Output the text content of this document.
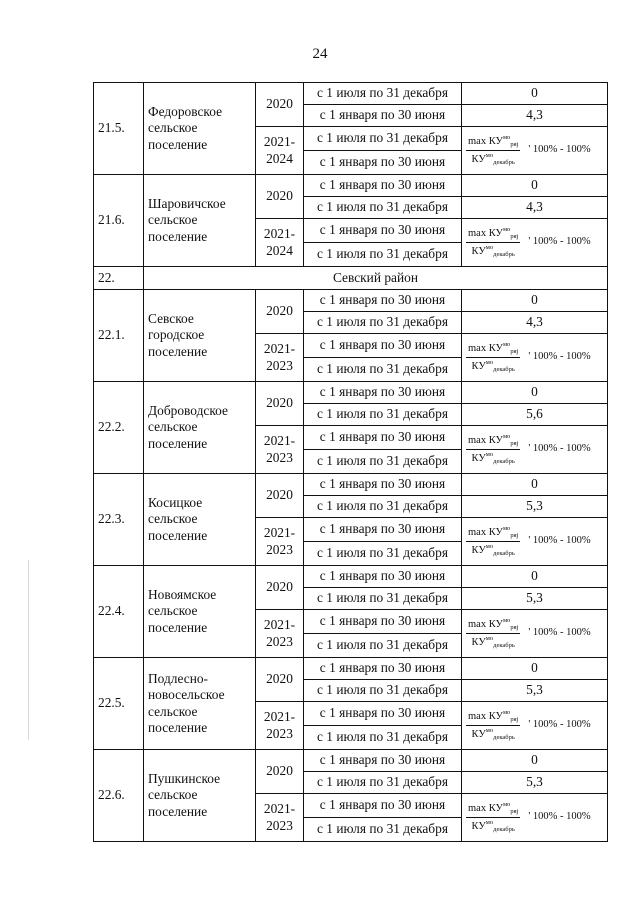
24
21.5.	Федоровское сельское поселение	2020	с 1 июля по 31 декабря	0
			с 1 января по 30 июня	4,3
		2021-2024	с 1 июля по 31 декабря	$\frac{\max КУ^{мо}_{ряj}}{КУ^{мо}_{декабрь}}$ ' 100% - 100%

			с 1 января по 30 июня	
21.6.	Шаровичское сельское поселение	2020	с 1 января по 30 июня	0
			с 1 июля по 31 декабря	4,3
		2021-2024	с 1 января по 30 июня	$\frac{\max КУ^{мо}_{ряj}}{КУ^{мо}_{декабрь}}$ ' 100% - 100%

			с 1 июля по 31 декабря	
22.	Севский район			
22.1.	Севское городское поселение	2020	с 1 января по 30 июня	0
			с 1 июля по 31 декабря	4,3
		2021-2023	с 1 января по 30 июня	$\frac{\max КУ^{мо}_{ряj}}{КУ^{мо}_{декабрь}}$ ' 100% - 100%

			с 1 июля по 31 декабря	
22.2.	Доброводское сельское поселение	2020	с 1 января по 30 июня	0
			с 1 июля по 31 декабря	5,6
		2021-2023	с 1 января по 30 июня	$\frac{\max КУ^{мо}_{ряj}}{КУ^{мо}_{декабрь}}$ ' 100% - 100%

			с 1 июля по 31 декабря	
22.3.	Косицкое сельское поселение	2020	с 1 января по 30 июня	0
			с 1 июля по 31 декабря	5,3
		2021-2023	с 1 января по 30 июня	$\frac{\max КУ^{мо}_{ряj}}{КУ^{мо}_{декабрь}}$ ' 100% - 100%

			с 1 июля по 31 декабря	
22.4.	Новоямское сельское поселение	2020	с 1 января по 30 июня	0
			с 1 июля по 31 декабря	5,3
		2021-2023	с 1 января по 30 июня	$\frac{\max КУ^{мо}_{ряj}}{КУ^{мо}_{декабрь}}$ ' 100% - 100%

			с 1 июля по 31 декабря	
22.5.	Подлесно-новосельское сельское поселение	2020	с 1 января по 30 июня	0
			с 1 июля по 31 декабря	5,3
		2021-2023	с 1 января по 30 июня	$\frac{\max КУ^{мо}_{ряj}}{КУ^{мо}_{декабрь}}$ ' 100% - 100%

			с 1 июля по 31 декабря	
22.6.	Пушкинское сельское поселение	2020	с 1 января по 30 июня	0
			с 1 июля по 31 декабря	5,3
		2021-2023	с 1 января по 30 июня	$\frac{\max КУ^{мо}_{ряj}}{КУ^{мо}_{декабрь}}$ ' 100% - 100%

			с 1 июля по 31 декабря	
